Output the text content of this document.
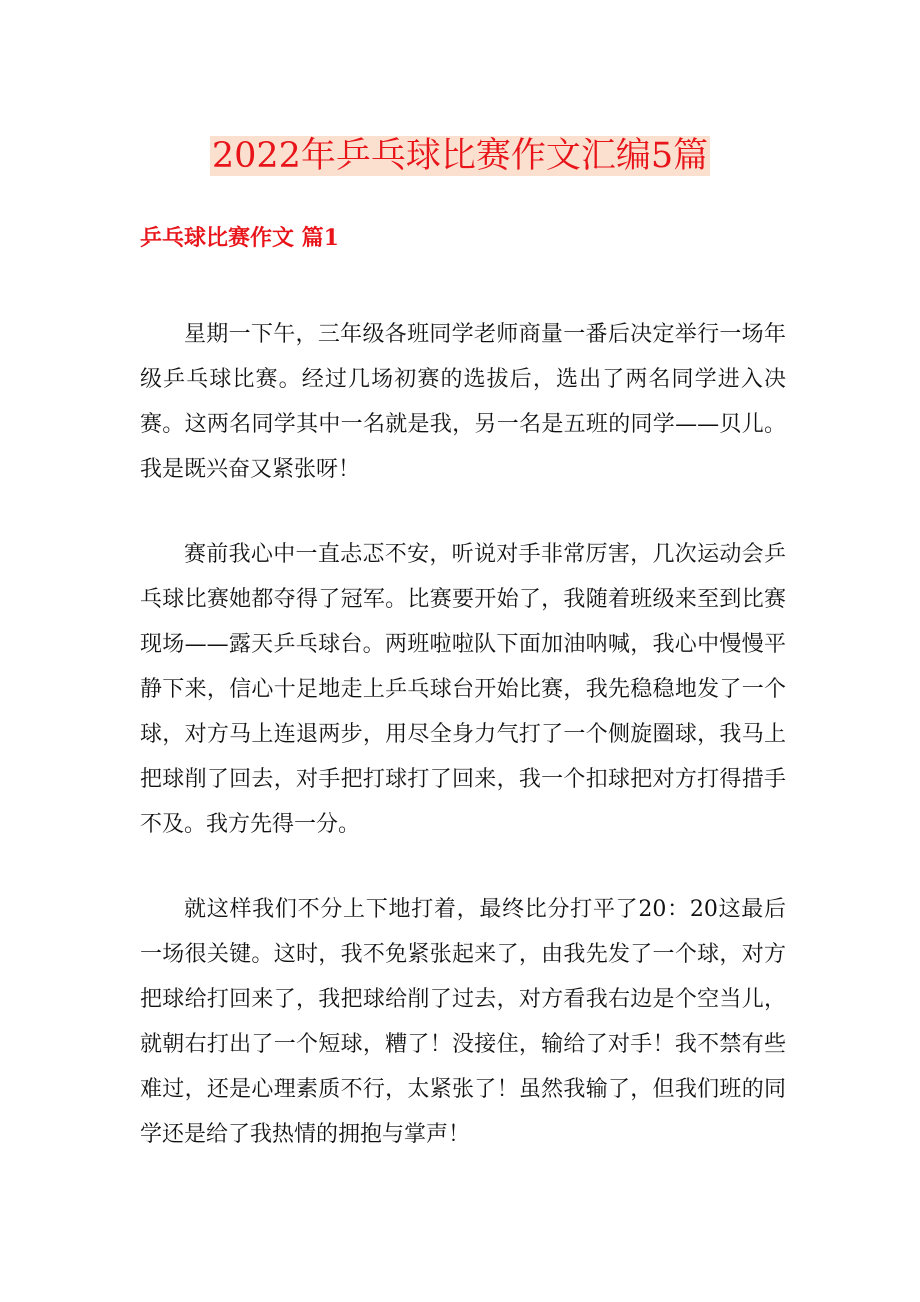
2022年乒乓球比赛作文汇编5篇
乒乓球比赛作文 篇1

星期一下午，三年级各班同学老师商量一番后决定举行一场年级乒乓球比赛。经过几场初赛的选拔后，选出了两名同学进入决赛。这两名同学其中一名就是我，另一名是五班的同学——贝儿。我是既兴奋又紧张呀！

赛前我心中一直忐忑不安，听说对手非常厉害，几次运动会乒乓球比赛她都夺得了冠军。比赛要开始了，我随着班级来至到比赛现场——露天乒乓球台。两班啦啦队下面加油呐喊，我心中慢慢平静下来，信心十足地走上乒乓球台开始比赛，我先稳稳地发了一个球，对方马上连退两步，用尽全身力气打了一个侧旋圈球，我马上把球削了回去，对手把打球打了回来，我一个扣球把对方打得措手不及。我方先得一分。

就这样我们不分上下地打着，最终比分打平了20：20这最后一场很关键。这时，我不免紧张起来了，由我先发了一个球，对方把球给打回来了，我把球给削了过去，对方看我右边是个空当儿，就朝右打出了一个短球，糟了！没接住，输给了对手！我不禁有些难过，还是心理素质不行，太紧张了！虽然我输了，但我们班的同学还是给了我热情的拥抱与掌声！
